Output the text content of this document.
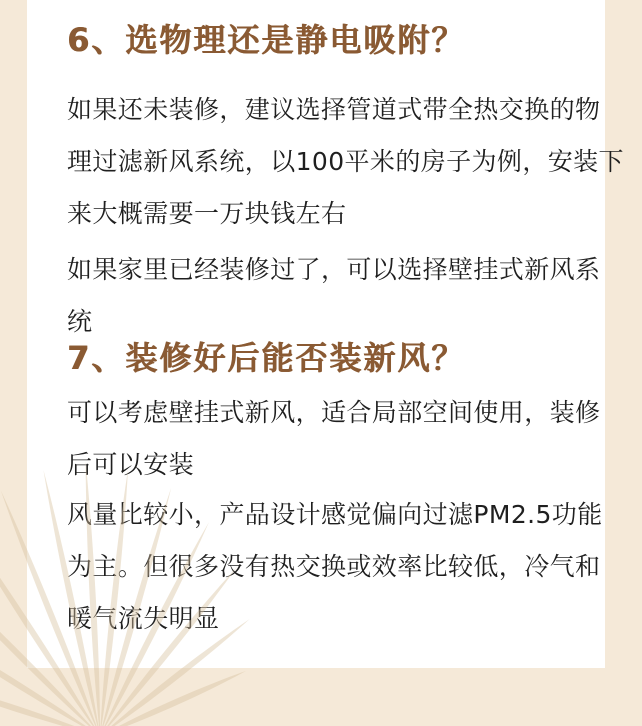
6、选物理还是静电吸附？
如果还未装修，建议选择管道式带全热交换的物
理过滤新风系统，以100平米的房子为例，安装下
来大概需要一万块钱左右
如果家里已经装修过了，可以选择壁挂式新风系
统
7、装修好后能否装新风？
可以考虑壁挂式新风，适合局部空间使用，装修
后可以安装
风量比较小，产品设计感觉偏向过滤PM2.5功能
为主。但很多没有热交换或效率比较低，冷气和
暖气流失明显
